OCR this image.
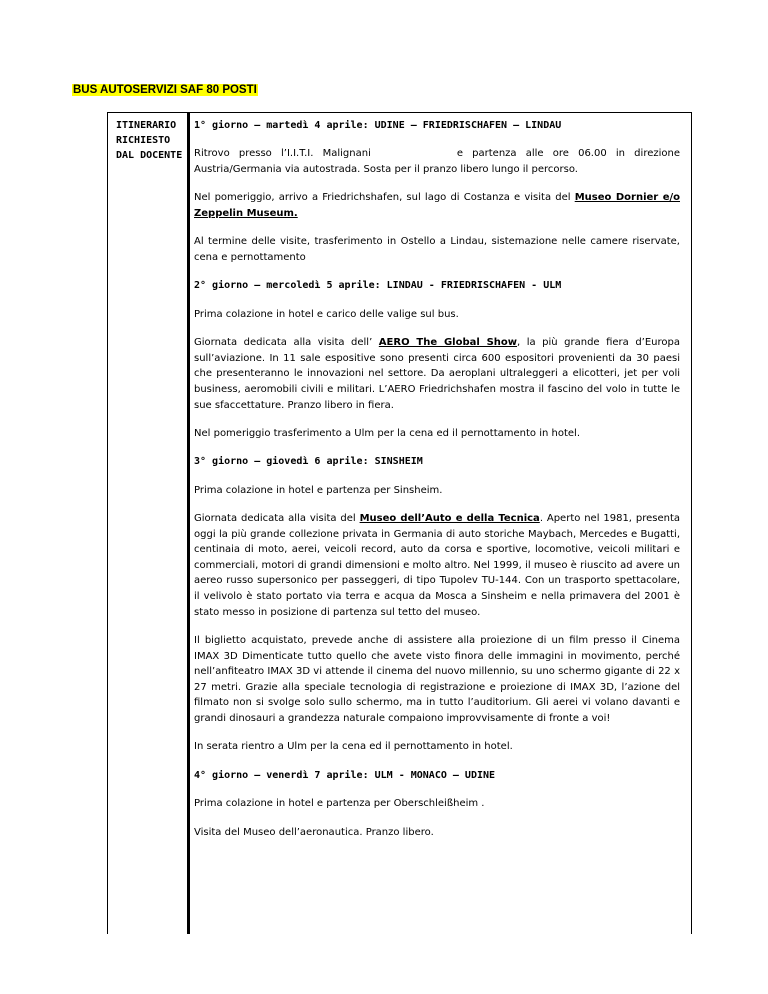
BUS AUTOSERVIZI SAF 80 POSTI
ITINERARIO RICHIESTO DAL DOCENTE

1° giorno – martedì 4 aprile: UDINE – FRIEDRISCHAFEN – LINDAU

Ritrovo presso l’I.I.T.I. Malignani	e partenza alle ore 06.00 in direzione Austria/Germania via autostrada. Sosta per il pranzo libero lungo il percorso.

Nel pomeriggio, arrivo a Friedrichshafen, sul lago di Costanza e visita del Museo Dornier e/o Zeppelin Museum.

Al termine delle visite, trasferimento in Ostello a Lindau, sistemazione nelle camere riservate, cena e pernottamento

2° giorno – mercoledì 5 aprile: LINDAU - FRIEDRISCHAFEN - ULM

Prima colazione in hotel e carico delle valige sul bus.

Giornata dedicata alla visita dell’ AERO The Global Show, la più grande fiera d’Europa sull’aviazione. In 11 sale espositive sono presenti circa 600 espositori provenienti da 30 paesi che presenteranno le innovazioni nel settore. Da aeroplani ultraleggeri a elicotteri, jet per voli business, aeromobili civili e militari. L’AERO Friedrichshafen mostra il fascino del volo in tutte le sue sfaccettature. Pranzo libero in fiera.

Nel pomeriggio trasferimento a Ulm per la cena ed il pernottamento in hotel.

3° giorno – giovedì 6 aprile: SINSHEIM

Prima colazione in hotel e partenza per Sinsheim.

Giornata dedicata alla visita del Museo dell’Auto e della Tecnica. Aperto nel 1981, presenta oggi la più grande collezione privata in Germania di auto storiche Maybach, Mercedes e Bugatti, centinaia di moto, aerei, veicoli record, auto da corsa e sportive, locomotive, veicoli militari e commerciali, motori di grandi dimensioni e molto altro. Nel 1999, il museo è riuscito ad avere un aereo russo supersonico per passeggeri, di tipo Tupolev TU-144. Con un trasporto spettacolare, il velivolo è stato portato via terra e acqua da Mosca a Sinsheim e nella primavera del 2001 è stato messo in posizione di partenza sul tetto del museo.

Il biglietto acquistato, prevede anche di assistere alla proiezione di un film presso il Cinema IMAX 3D Dimenticate tutto quello che avete visto finora delle immagini in movimento, perché nell’anfiteatro IMAX 3D vi attende il cinema del nuovo millennio, su uno schermo gigante di 22 x 27 metri. Grazie alla speciale tecnologia di registrazione e proiezione di IMAX 3D, l’azione del filmato non si svolge solo sullo schermo, ma in tutto l’auditorium. Gli aerei vi volano davanti e grandi dinosauri a grandezza naturale compaiono improvvisamente di fronte a voi!

In serata rientro a Ulm per la cena ed il pernottamento in hotel.

4° giorno – venerdì 7 aprile: ULM - MONACO – UDINE

Prima colazione in hotel e partenza per Oberschleißheim .

Visita del Museo dell’aeronautica. Pranzo libero.
